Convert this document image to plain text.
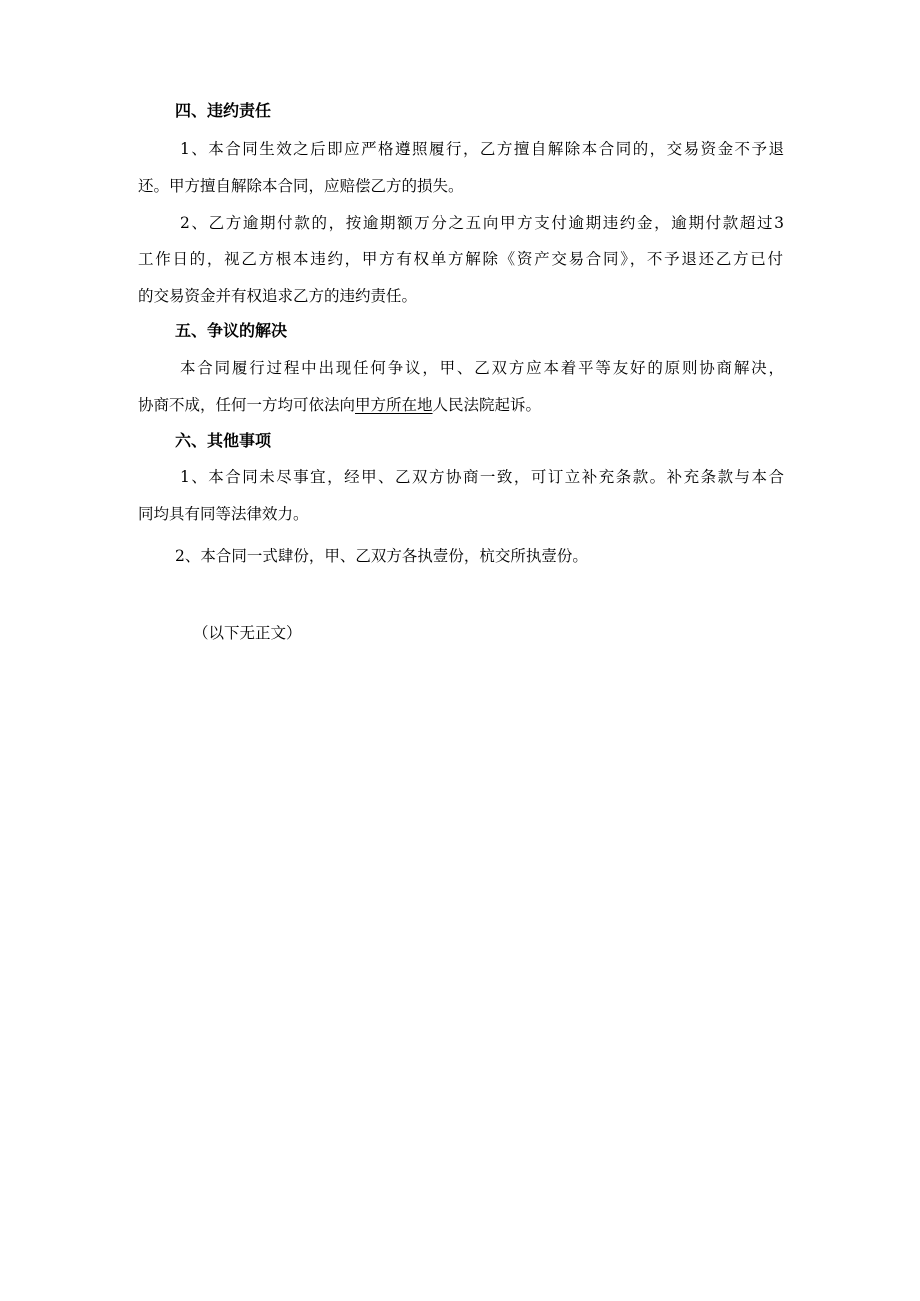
四、违约责任
1、本合同生效之后即应严格遵照履行，乙方擅自解除本合同的，交易资金不予退
还。甲方擅自解除本合同，应赔偿乙方的损失。
2、乙方逾期付款的，按逾期额万分之五向甲方支付逾期违约金，逾期付款超过3
工作日的，视乙方根本违约，甲方有权单方解除《资产交易合同》，不予退还乙方已付
的交易资金并有权追求乙方的违约责任。
五、争议的解决
本合同履行过程中出现任何争议，甲、乙双方应本着平等友好的原则协商解决，
协商不成，任何一方均可依法向甲方所在地人民法院起诉。
六、其他事项
1、本合同未尽事宜，经甲、乙双方协商一致，可订立补充条款。补充条款与本合
同均具有同等法律效力。
2、本合同一式肆份，甲、乙双方各执壹份，杭交所执壹份。
（以下无正文）
